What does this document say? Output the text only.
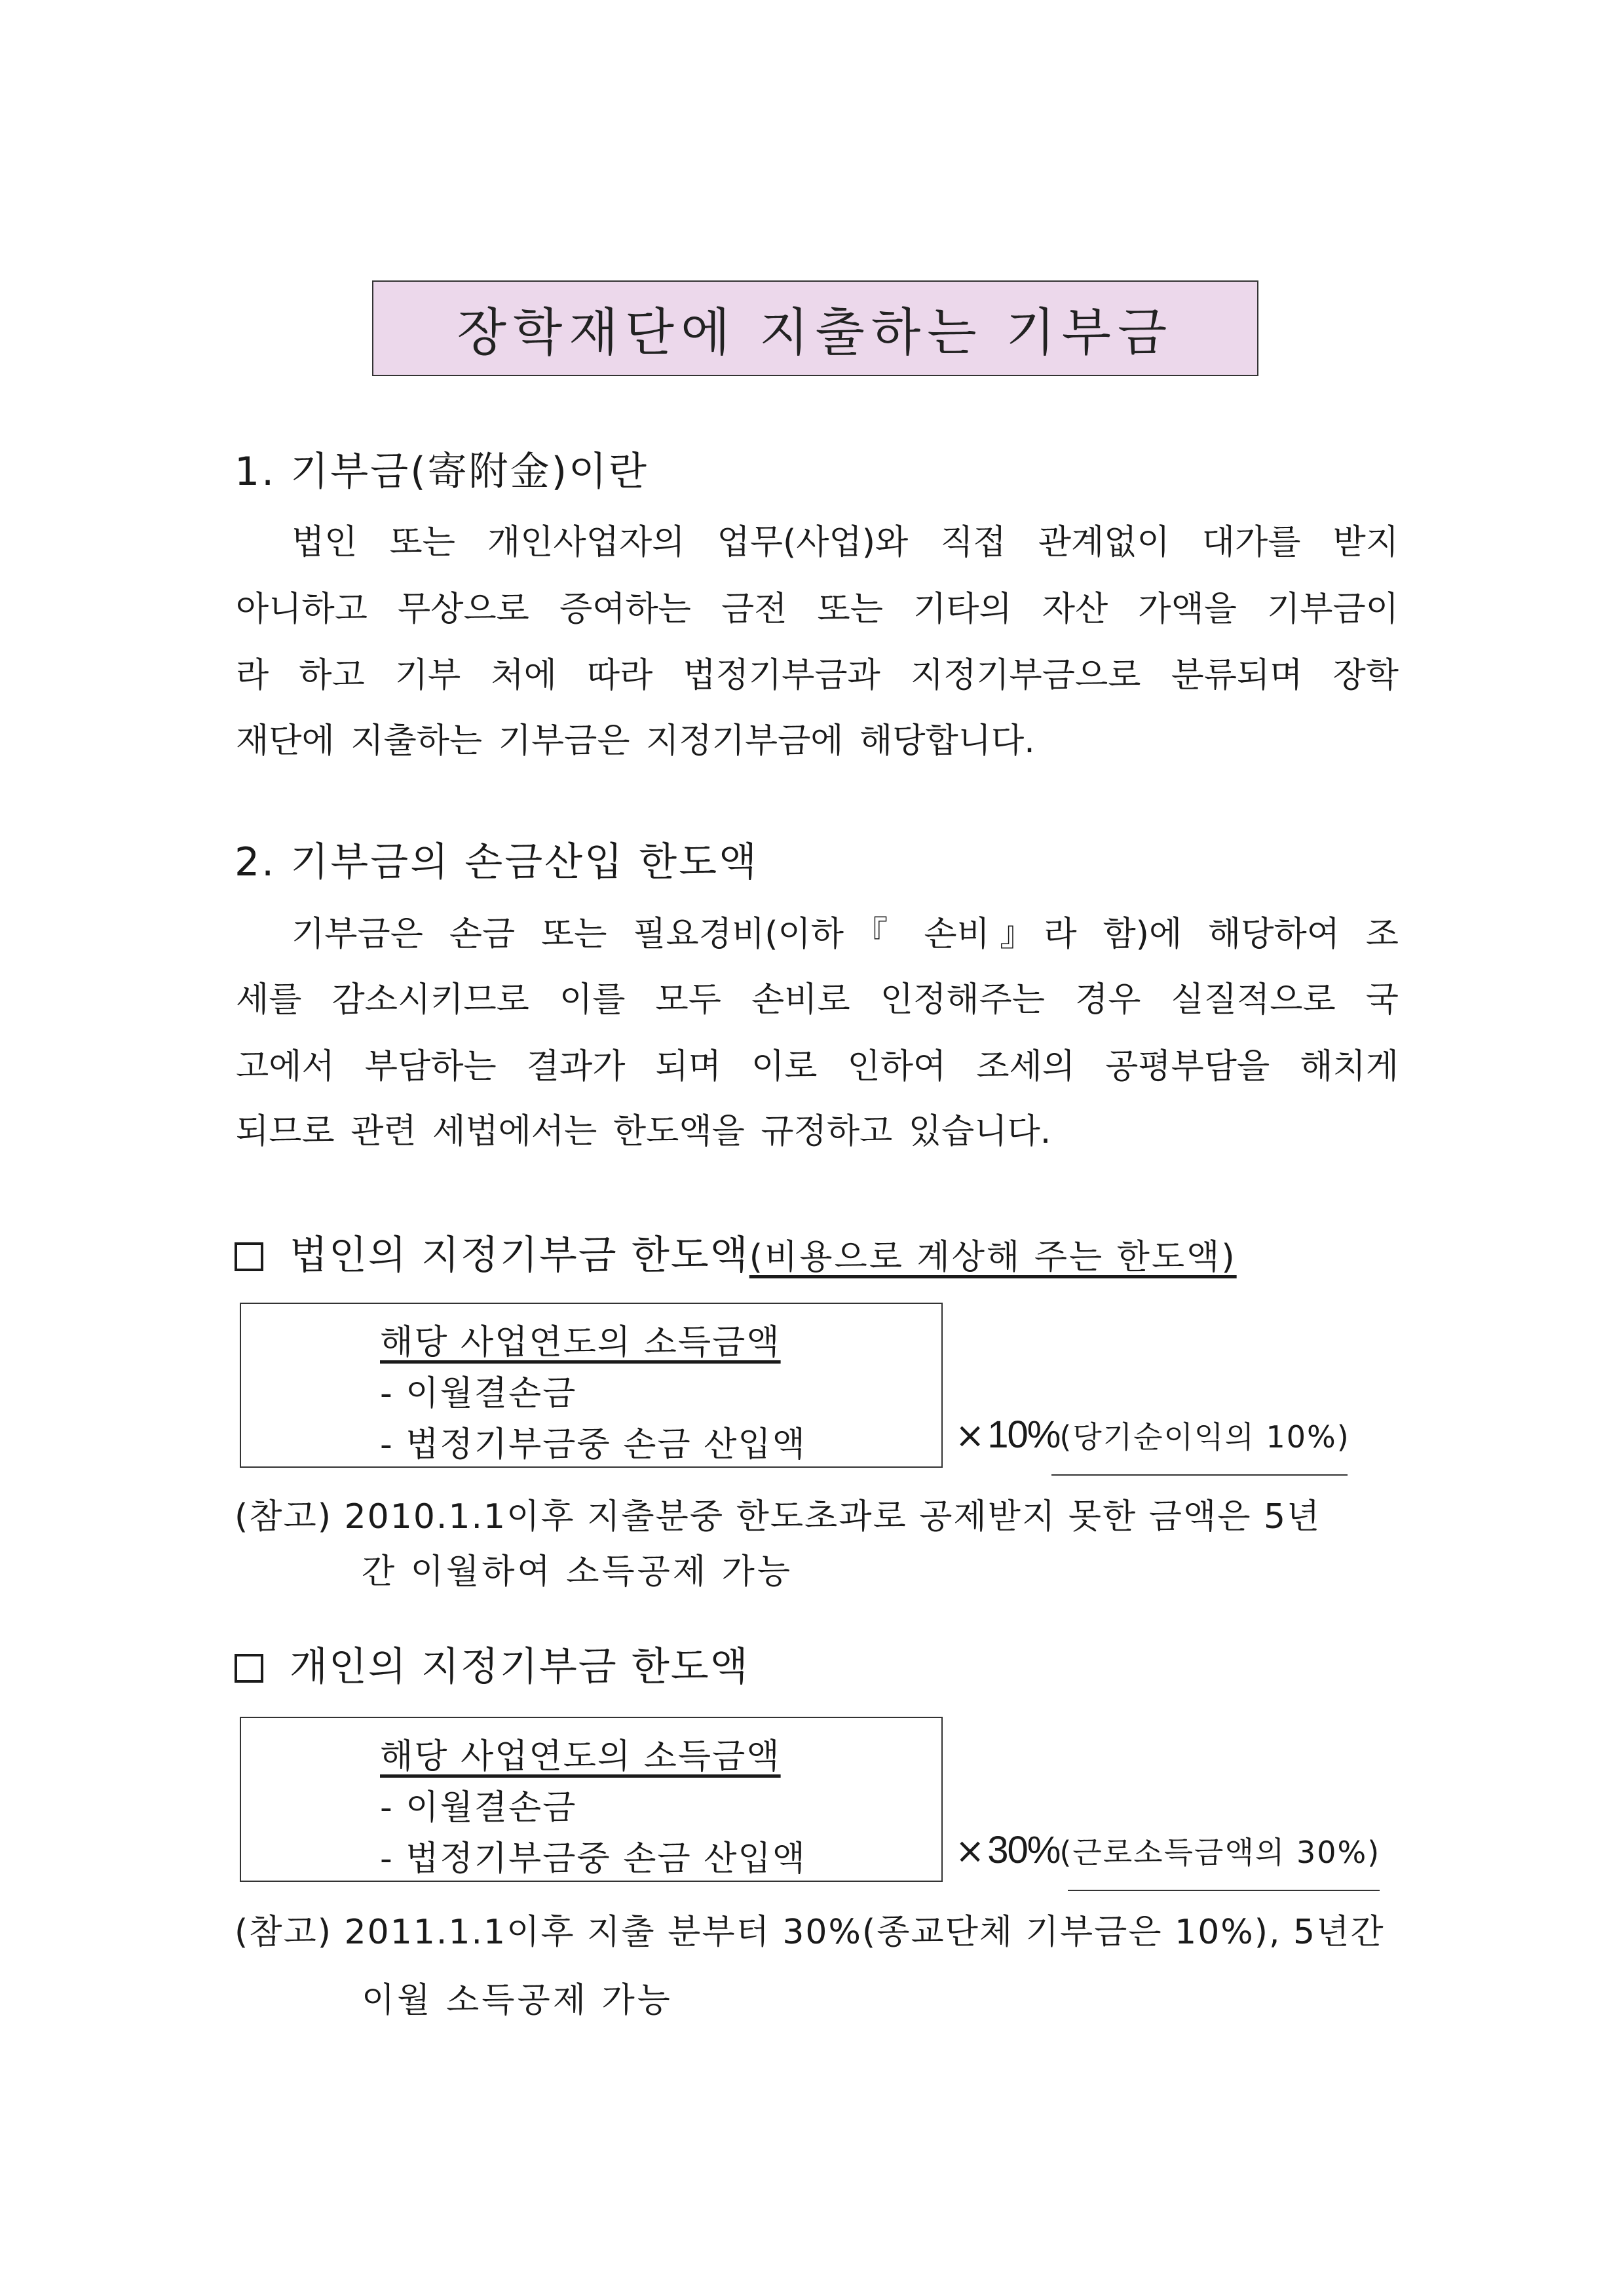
장학재단에 지출하는 기부금
1. 기부금(寄附金)이란
법인 또는 개인사업자의 업무(사업)와 직접 관계없이 대가를 받지
아니하고 무상으로 증여하는 금전 또는 기타의 자산 가액을 기부금이
라 하고 기부 처에 따라 법정기부금과 지정기부금으로 분류되며 장학
재단에 지출하는 기부금은 지정기부금에 해당합니다.
2. 기부금의 손금산입 한도액
기부금은 손금 또는 필요경비(이하『 손비』라 함)에 해당하여 조
세를 감소시키므로 이를 모두 손비로 인정해주는 경우 실질적으로 국
고에서 부담하는 결과가 되며 이로 인하여 조세의 공평부담을 해치게
되므로 관련 세법에서는 한도액을 규정하고 있습니다.
법인의 지정기부금 한도액 (비용으로 계상해 주는 한도액)
해당 사업연도의 소득금액
- 이월결손금
- 법정기부금중 손금 산입액	× 10% (당기순이익의 10%)
(참고) 2010.1.1이후 지출분중 한도초과로 공제받지 못한 금액은 5년
간 이월하여 소득공제 가능
개인의 지정기부금 한도액
해당 사업연도의 소득금액
- 이월결손금
- 법정기부금중 손금 산입액	× 30% (근로소득금액의 30%)
(참고) 2011.1.1이후 지출 분부터 30%(종교단체 기부금은 10%), 5년간
이월 소득공제 가능
